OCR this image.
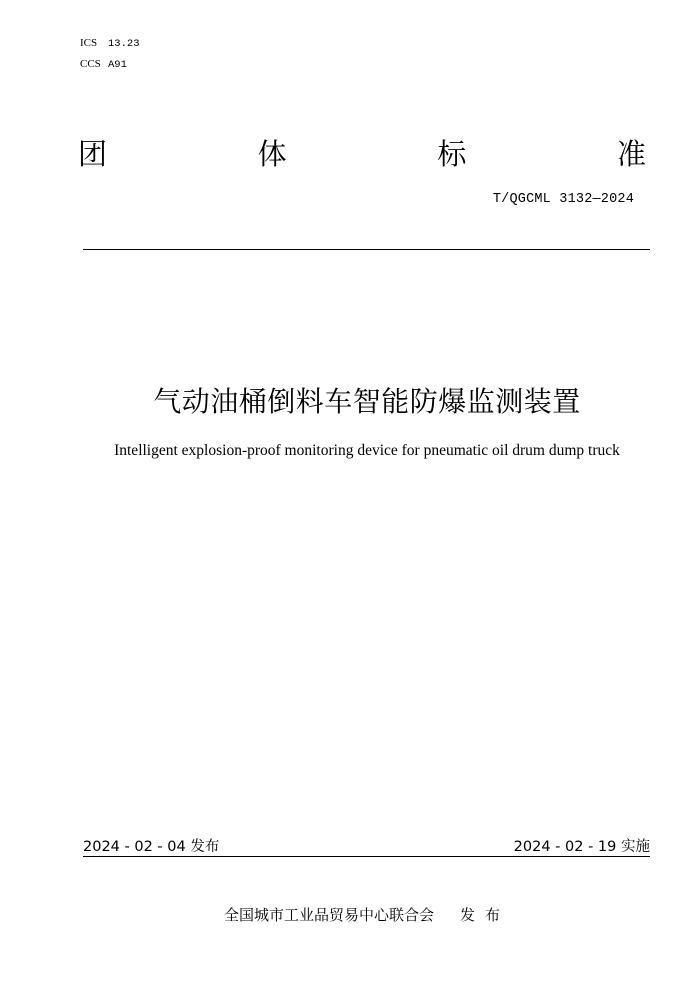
ICS 13.23
CCS A91
团	体	标	准
T/QGCML 3132—2024
气动油桶倒料车智能防爆监测装置
Intelligent explosion-proof monitoring device for pneumatic oil drum dump truck
2024 - 02 - 04 发布	2024 - 02 - 19 实施
全国城市工业品贸易中心联合会 发布
